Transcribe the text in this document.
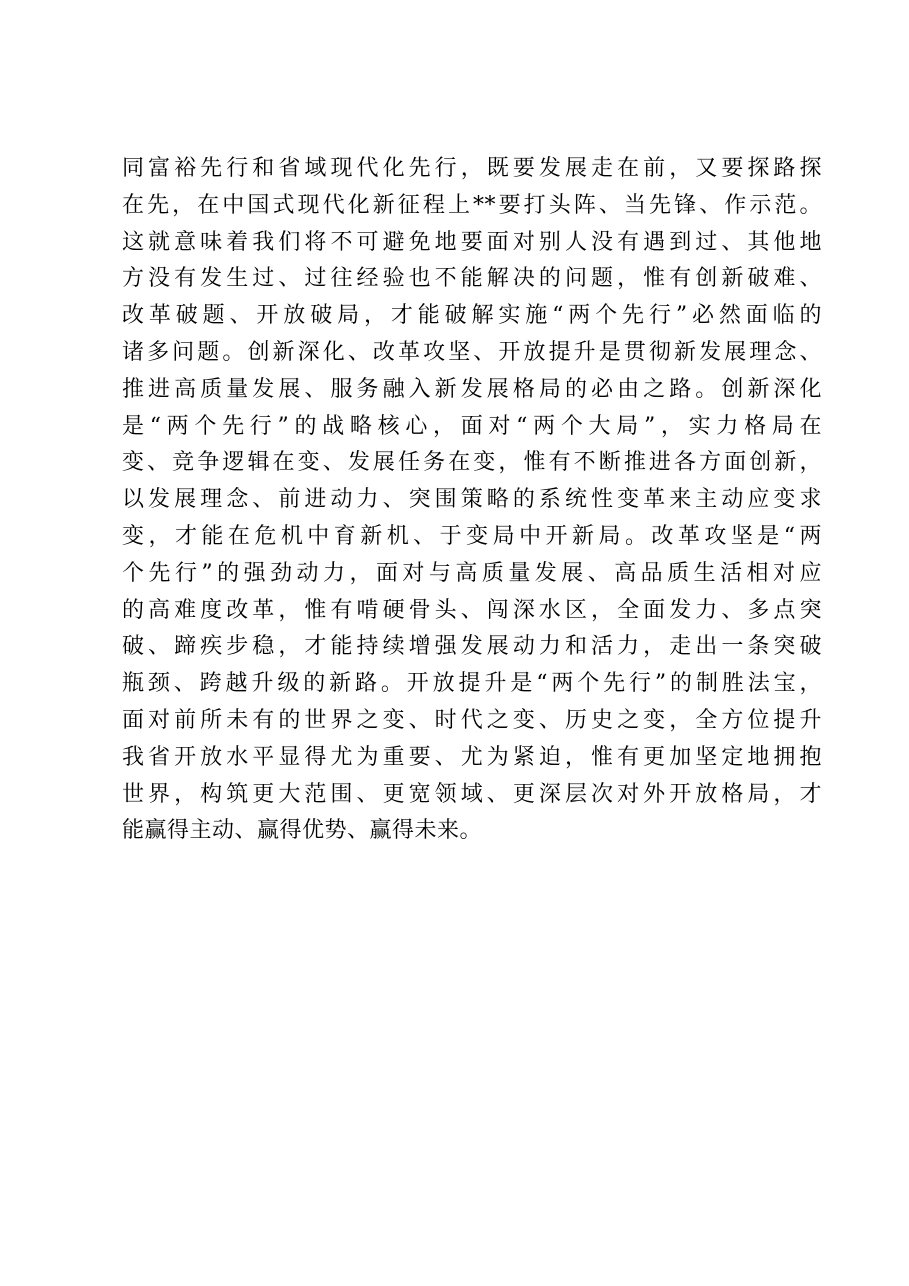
同富裕先行和省域现代化先行，既要发展走在前，又要探路探
在先，在中国式现代化新征程上**要打头阵、当先锋、作示范。
这就意味着我们将不可避免地要面对别人没有遇到过、其他地
方没有发生过、过往经验也不能解决的问题，惟有创新破难、
改革破题、开放破局，才能破解实施“两个先行”必然面临的
诸多问题。创新深化、改革攻坚、开放提升是贯彻新发展理念、
推进高质量发展、服务融入新发展格局的必由之路。创新深化
是“两个先行”的战略核心，面对“两个大局”，实力格局在
变、竞争逻辑在变、发展任务在变，惟有不断推进各方面创新，
以发展理念、前进动力、突围策略的系统性变革来主动应变求
变，才能在危机中育新机、于变局中开新局。改革攻坚是“两
个先行”的强劲动力，面对与高质量发展、高品质生活相对应
的高难度改革，惟有啃硬骨头、闯深水区，全面发力、多点突
破、蹄疾步稳，才能持续增强发展动力和活力，走出一条突破
瓶颈、跨越升级的新路。开放提升是“两个先行”的制胜法宝，
面对前所未有的世界之变、时代之变、历史之变，全方位提升
我省开放水平显得尤为重要、尤为紧迫，惟有更加坚定地拥抱
世界，构筑更大范围、更宽领域、更深层次对外开放格局，才
能赢得主动、赢得优势、赢得未来。
